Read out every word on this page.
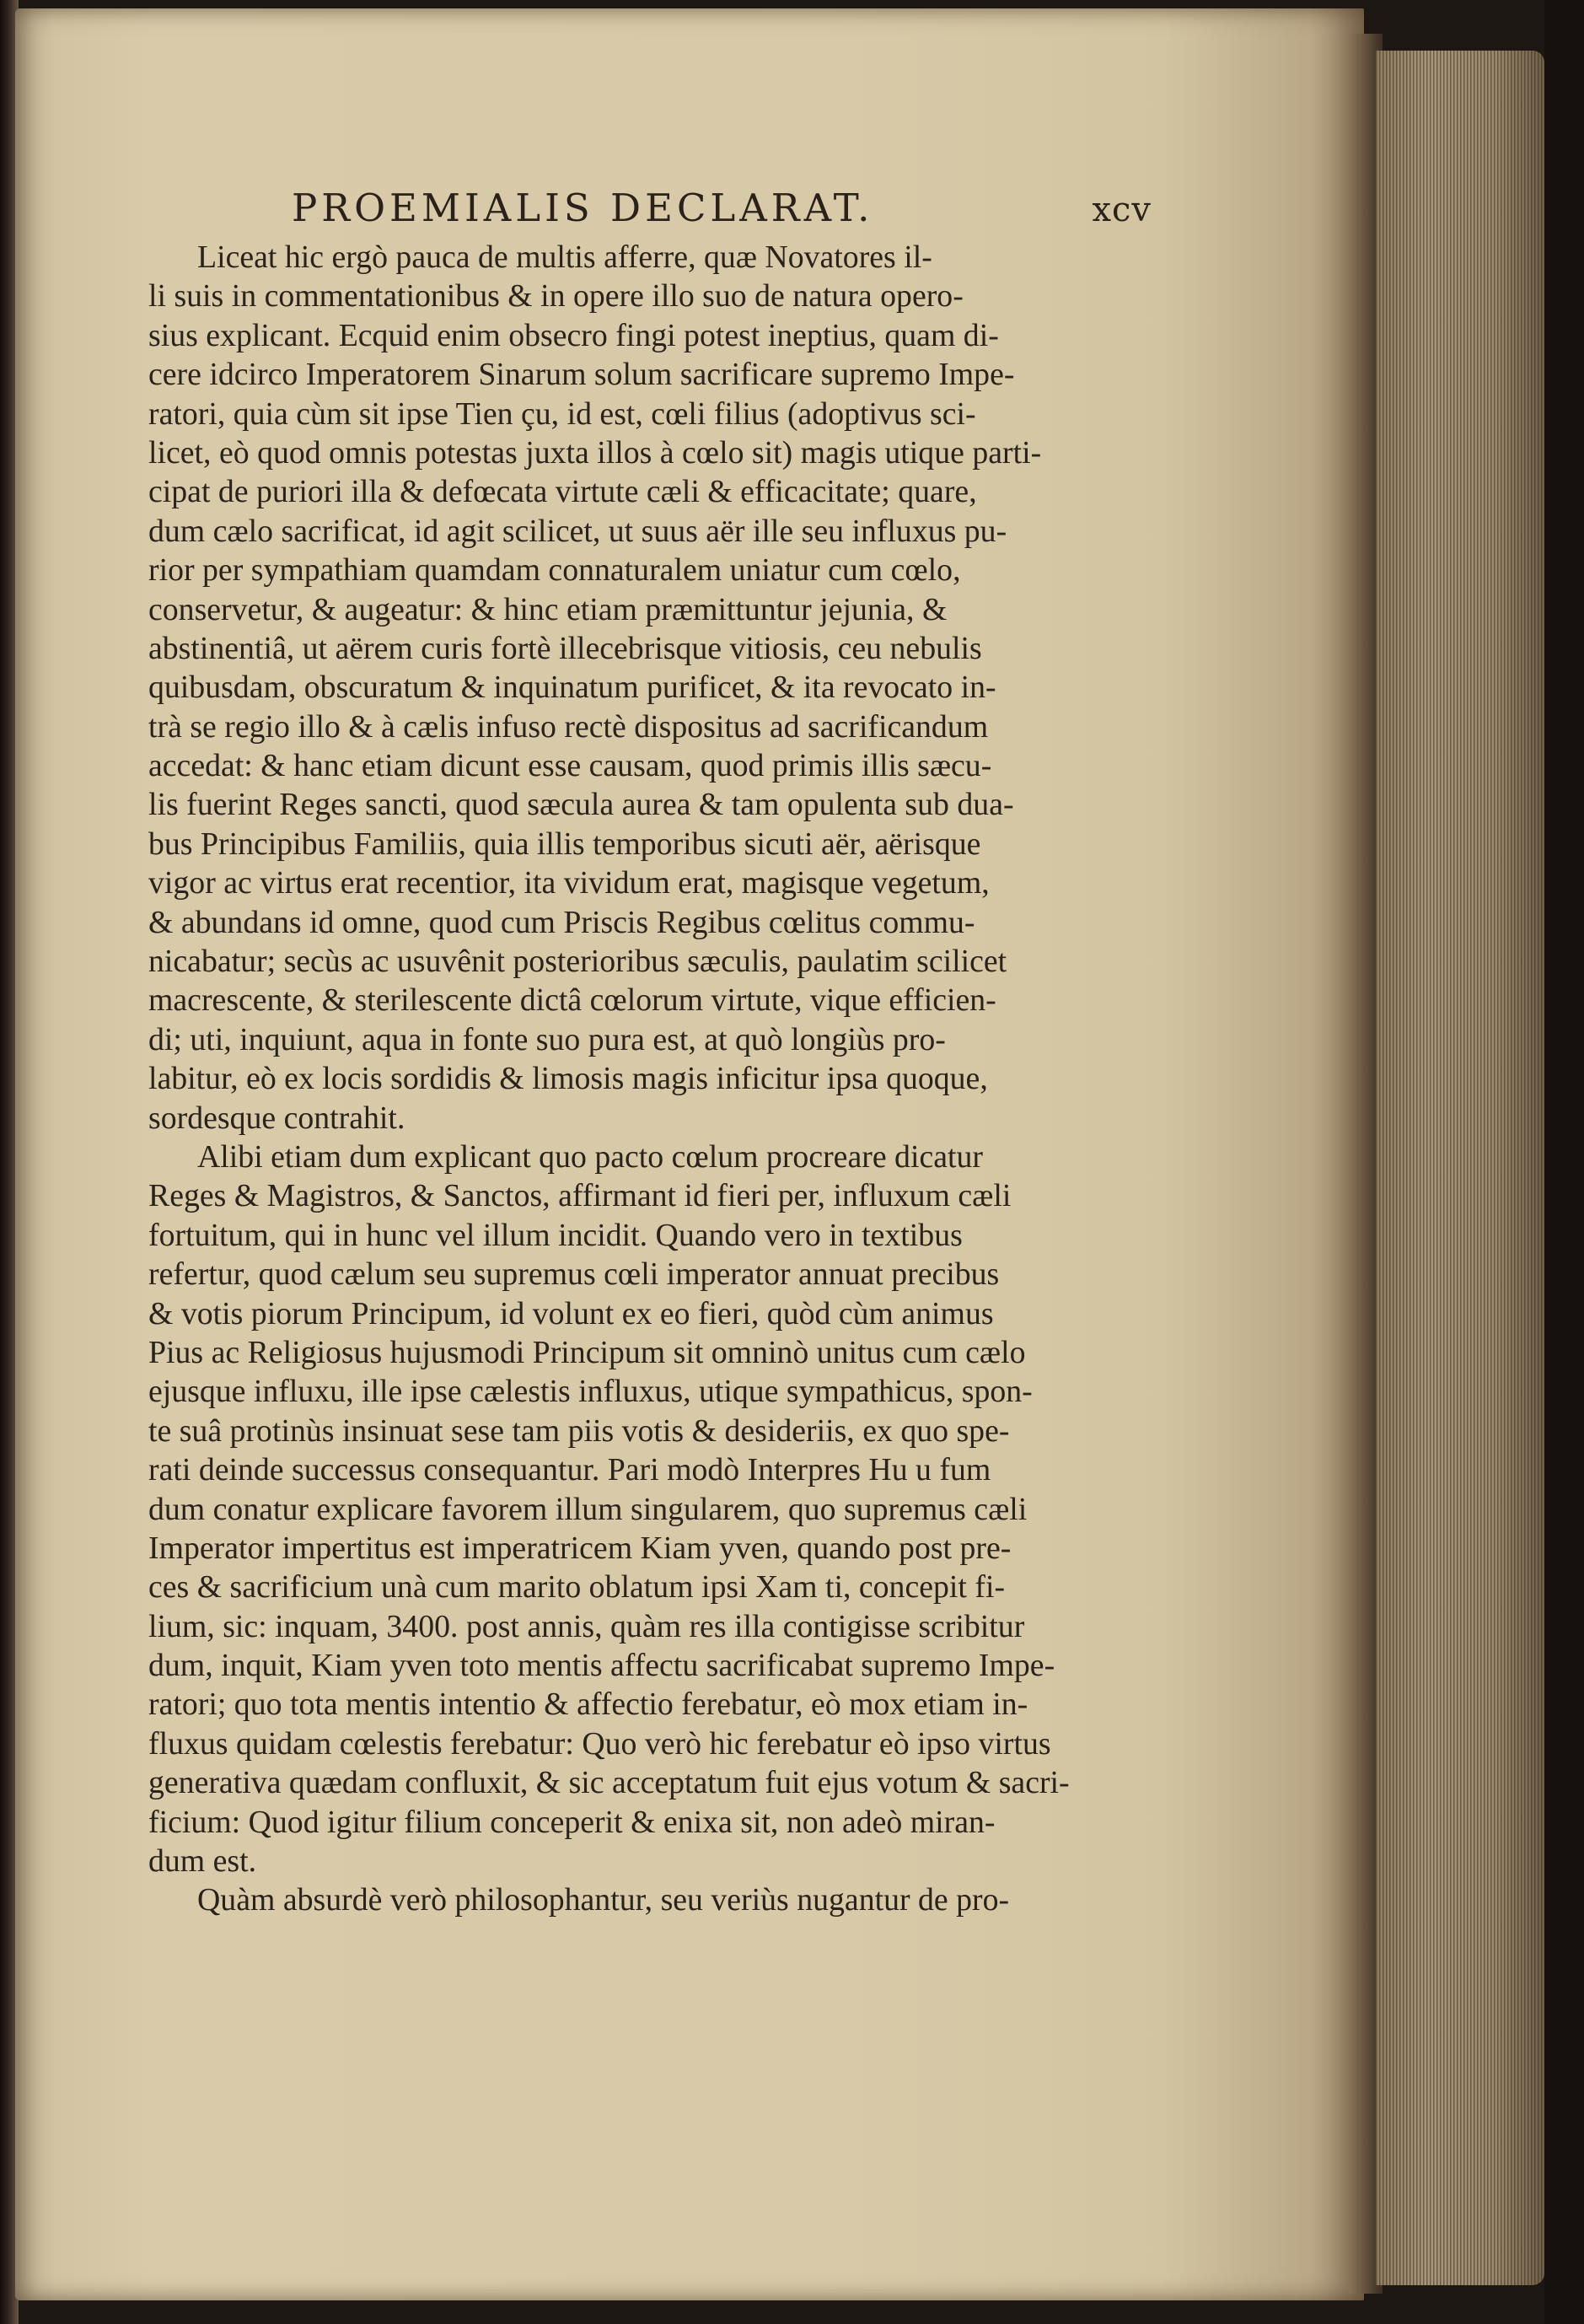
PROEMIALIS DECLARAT.	xcv
Liceat hic ergò pauca de multis afferre, quæ Novatores il-
li suis in commentationibus & in opere illo suo de natura opero-
sius explicant. Ecquid enim obsecro fingi potest ineptius, quam di-
cere idcirco Imperatorem Sinarum solum sacrificare supremo Impe-
ratori, quia cùm sit ipse Tien çu, id est, cœli filius (adoptivus sci-
licet, eò quod omnis potestas juxta illos à cœlo sit) magis utique parti-
cipat de puriori illa & defœcata virtute cæli & efficacitate; quare,
dum cælo sacrificat, id agit scilicet, ut suus aër ille seu influxus pu-
rior per sympathiam quamdam connaturalem uniatur cum cœlo,
conservetur, & augeatur: & hinc etiam præmittuntur jejunia, &
abstinentiâ, ut aërem curis fortè illecebrisque vitiosis, ceu nebulis
quibusdam, obscuratum & inquinatum purificet, & ita revocato in-
trà se regio illo & à cælis infuso rectè dispositus ad sacrificandum
accedat: & hanc etiam dicunt esse causam, quod primis illis sæcu-
lis fuerint Reges sancti, quod sæcula aurea & tam opulenta sub dua-
bus Principibus Familiis, quia illis temporibus sicuti aër, aërisque
vigor ac virtus erat recentior, ita vividum erat, magisque vegetum,
& abundans id omne, quod cum Priscis Regibus cœlitus commu-
nicabatur; secùs ac usuvênit posterioribus sæculis, paulatim scilicet
macrescente, & sterilescente dictâ cœlorum virtute, vique efficien-
di; uti, inquiunt, aqua in fonte suo pura est, at quò longiùs pro-
labitur, eò ex locis sordidis & limosis magis inficitur ipsa quoque,
sordesque contrahit.
Alibi etiam dum explicant quo pacto cœlum procreare dicatur
Reges & Magistros, & Sanctos, affirmant id fieri per, influxum cæli
fortuitum, qui in hunc vel illum incidit. Quando vero in textibus
refertur, quod cælum seu supremus cœli imperator annuat precibus
& votis piorum Principum, id volunt ex eo fieri, quòd cùm animus
Pius ac Religiosus hujusmodi Principum sit omninò unitus cum cælo
ejusque influxu, ille ipse cælestis influxus, utique sympathicus, spon-
te suâ protinùs insinuat sese tam piis votis & desideriis, ex quo spe-
rati deinde successus consequantur. Pari modò Interpres Hu u fum
dum conatur explicare favorem illum singularem, quo supremus cæli
Imperator impertitus est imperatricem Kiam yven, quando post pre-
ces & sacrificium unà cum marito oblatum ipsi Xam ti, concepit fi-
lium, sic: inquam, 3400. post annis, quàm res illa contigisse scribitur
dum, inquit, Kiam yven toto mentis affectu sacrificabat supremo Impe-
ratori; quo tota mentis intentio & affectio ferebatur, eò mox etiam in-
fluxus quidam cœlestis ferebatur: Quo verò hic ferebatur eò ipso virtus
generativa quædam confluxit, & sic acceptatum fuit ejus votum & sacri-
ficium: Quod igitur filium conceperit & enixa sit, non adeò miran-
dum est.
Quàm absurdè verò philosophantur, seu veriùs nugantur de pro-
